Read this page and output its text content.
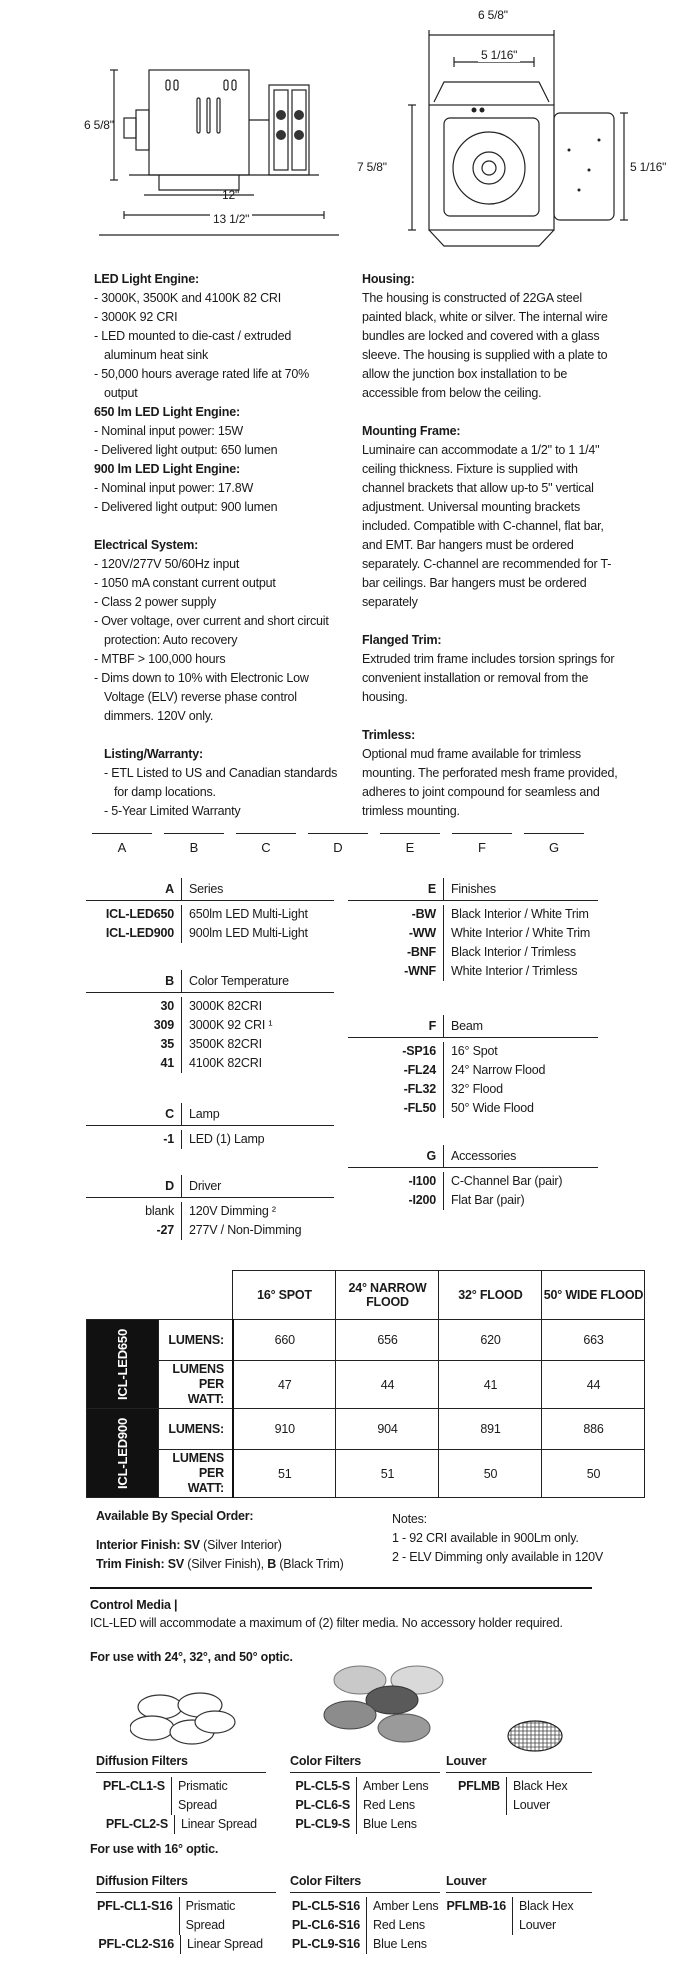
6 5/8"
12"
13 1/2"
6 5/8"
5 1/16"
7 5/8"	5 1/16"

LED Light Engine:

- 3000K, 3500K and 4100K 82 CRI
- 3000K 92 CRI
- LED mounted to die-cast / extruded aluminum heat sink
- 50,000 hours average rated life at 70% output

650 lm LED Light Engine:

- Nominal input power: 15W
- Delivered light output: 650 lumen

900 lm LED Light Engine:

- Nominal input power: 17.8W
- Delivered light output: 900 lumen

Electrical System:

- 120V/277V 50/60Hz input
- 1050 mA constant current output
- Class 2 power supply
- Over voltage, over current and short circuit protection: Auto recovery
- MTBF > 100,000 hours
- Dims down to 10% with Electronic Low Voltage (ELV) reverse phase control dimmers. 120V only.

Listing/Warranty:

- ETL Listed to US and Canadian standards for damp locations.
- 5-Year Limited Warranty

Housing:

The housing is constructed of 22GA steel painted black, white or silver. The internal wire bundles are locked and covered with a glass sleeve. The housing is supplied with a plate to allow the junction box installation to be accessible from below the ceiling.

Mounting Frame:

Luminaire can accommodate a 1/2" to 1 1/4" ceiling thickness. Fixture is supplied with channel brackets that allow up-to 5" vertical adjustment. Universal mounting brackets included. Compatible with C-channel, flat bar, and EMT. Bar hangers must be ordered separately. C-channel are recommended for T-bar ceilings. Bar hangers must be ordered separately

Flanged Trim:

Extruded trim frame includes torsion springs for convenient installation or removal from the housing.

Trimless:

Optional mud frame available for trimless mounting. The perforated mesh frame provided, adheres to joint compound for seamless and trimless mounting.

A	B	C	D	E	F	G
A	Series
ICL-LED650	650lm LED Multi-Light
ICL-LED900	900lm LED Multi-Light
B	Color Temperature
30	3000K 82CRI
309	3000K 92 CRI ¹
35	3500K 82CRI
41	4100K 82CRI
C	Lamp
-1	LED (1) Lamp
D	Driver
blank	120V Dimming ²
-27	277V / Non-Dimming
E	Finishes
-BW	Black Interior / White Trim
-WW	White Interior / White Trim
-BNF	Black Interior / Trimless
-WNF	White Interior / Trimless
F	Beam
-SP16	16° Spot
-FL24	24° Narrow Flood
-FL32	32° Flood
-FL50	50° Wide Flood
G	Accessories
-I100	C-Channel Bar (pair)
-I200	Flat Bar (pair)
		16° SPOT	24° NARROW FLOOD	32° FLOOD	50° WIDE FLOOD

ICL-LED650	LUMENS:	660	656	620	663
	LUMENS PER WATT:	47	44	41	44

ICL-LED900	LUMENS:	910	904	891	886
	LUMENS PER WATT:	51	51	50	50
Available By Special Order:
Interior Finish: SV (Silver Interior)
Trim Finish: SV (Silver Finish), B (Black Trim)
Notes:
1 - 92 CRI available in 900Lm only.
2 - ELV Dimming only available in 120V
Control Media |
ICL-LED will accommodate a maximum of (2) filter media. No accessory holder required.
For use with 24°, 32°, and 50° optic.
Diffusion Filters
PFL-CL1-S	Prismatic Spread
PFL-CL2-S	Linear Spread
Color Filters
PL-CL5-S	Amber Lens
PL-CL6-S	Red Lens
PL-CL9-S	Blue Lens
Louver
PFLMB	Black Hex Louver
For use with 16° optic.
Diffusion Filters
PFL-CL1-S16	Prismatic Spread
PFL-CL2-S16	Linear Spread
Color Filters
PL-CL5-S16	Amber Lens
PL-CL6-S16	Red Lens
PL-CL9-S16	Blue Lens
Louver
PFLMB-16	Black Hex Louver
